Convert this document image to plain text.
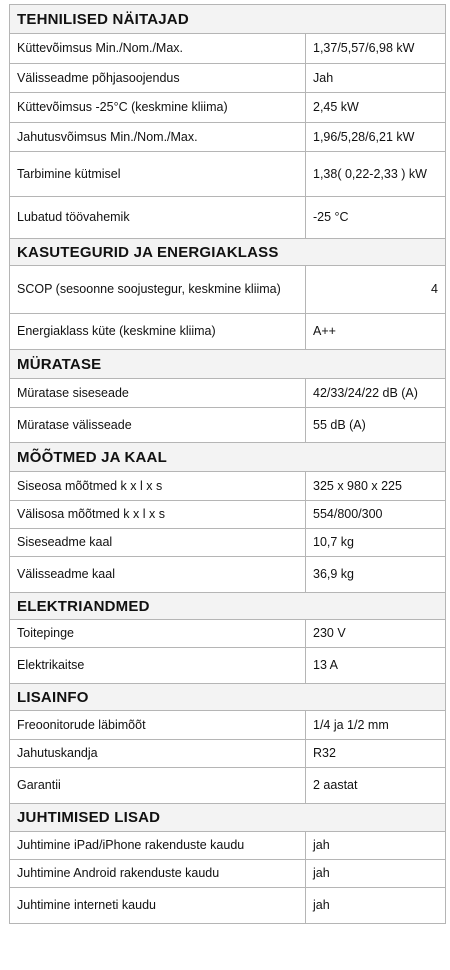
TEHNILISED NÄITAJAD	
Küttevõimsus Min./Nom./Max.	1,37/5,57/6,98 kW
Välisseadme põhjasoojendus	Jah
Küttevõimsus -25°C (keskmine kliima)	2,45 kW
Jahutusvõimsus Min./Nom./Max.	1,96/5,28/6,21 kW
Tarbimine kütmisel	1,38( 0,22-2,33 ) kW
Lubatud töövahemik	-25 °C
KASUTEGURID JA ENERGIAKLASS	
SCOP (sesoonne soojustegur, keskmine kliima)	4
Energiaklass küte (keskmine kliima)	A++
MÜRATASE	
Müratase siseseade	42/33/24/22 dB (A)
Müratase välisseade	55 dB (A)
MÕÕTMED JA KAAL	
Siseosa mõõtmed k x l x s	325 x 980 x 225
Välisosa mõõtmed k x l x s	554/800/300
Siseseadme kaal	10,7 kg
Välisseadme kaal	36,9 kg
ELEKTRIANDMED	
Toitepinge	230 V
Elektrikaitse	13 A
LISAINFO	
Freoonitorude läbimõõt	1/4 ja 1/2 mm
Jahutuskandja	R32
Garantii	2 aastat
JUHTIMISED LISAD	
Juhtimine iPad/iPhone rakenduste kaudu	jah
Juhtimine Android rakenduste kaudu	jah
Juhtimine interneti kaudu	jah
